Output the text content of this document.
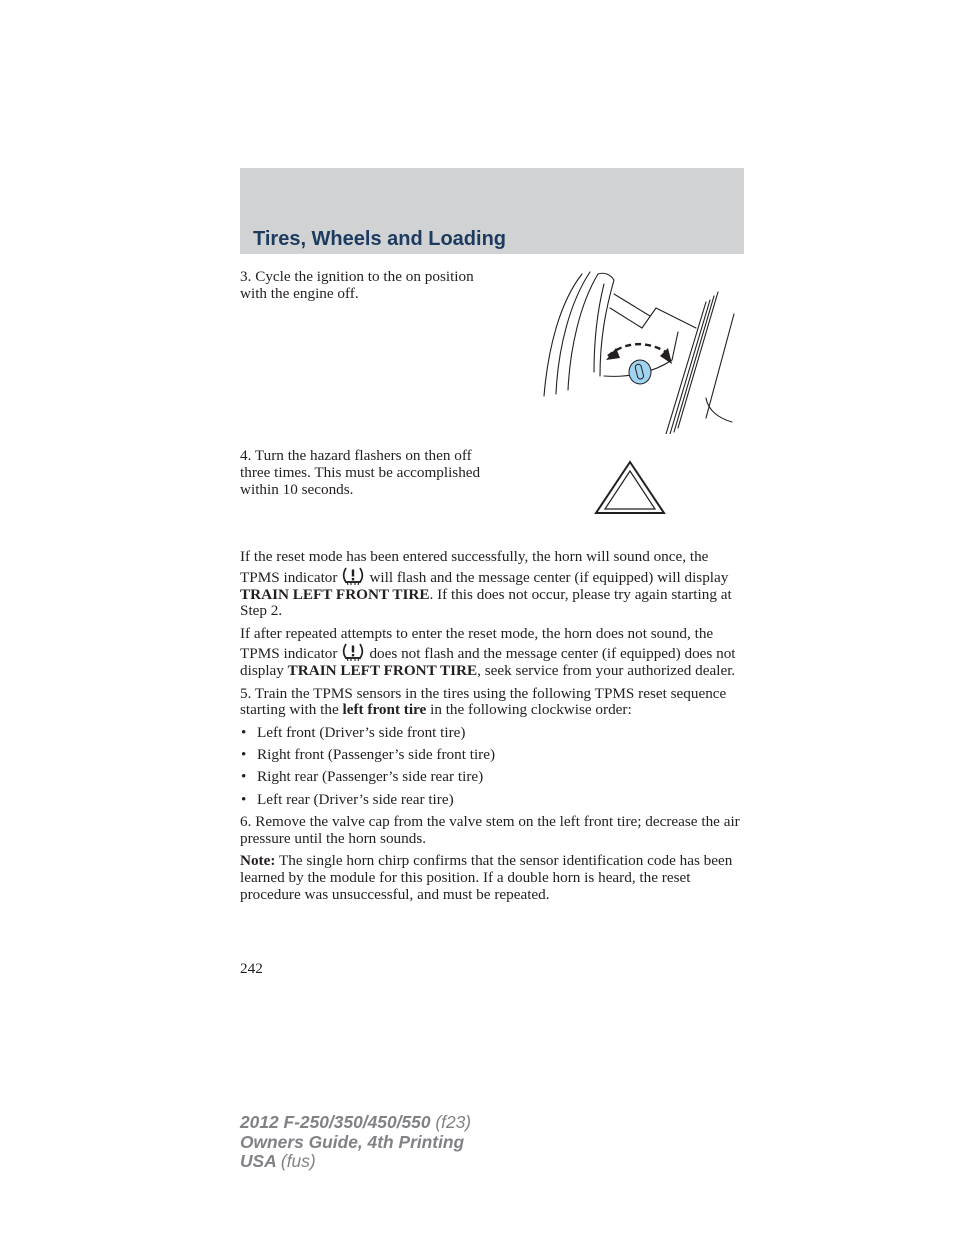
Tires, Wheels and Loading

3. Cycle the ignition to the on position with the engine off.

4. Turn the hazard flashers on then off three times. This must be accomplished within 10 seconds.

If the reset mode has been entered successfully, the horn will sound once, the TPMS indicator will flash and the message center (if equipped) will display TRAIN LEFT FRONT TIRE. If this does not occur, please try again starting at Step 2.

If after repeated attempts to enter the reset mode, the horn does not sound, the TPMS indicator does not flash and the message center (if equipped) does not display TRAIN LEFT FRONT TIRE, seek service from your authorized dealer.

5. Train the TPMS sensors in the tires using the following TPMS reset sequence starting with the left front tire in the following clockwise order:

• Left front (Driver’s side front tire)
• Right front (Passenger’s side front tire)
• Right rear (Passenger’s side rear tire)
• Left rear (Driver’s side rear tire)

6. Remove the valve cap from the valve stem on the left front tire; decrease the air pressure until the horn sounds.

Note: The single horn chirp confirms that the sensor identification code has been learned by the module for this position. If a double horn is heard, the reset procedure was unsuccessful, and must be repeated.

242
2012 F-250/350/450/550 (f23)
Owners Guide, 4th Printing
USA (fus)
